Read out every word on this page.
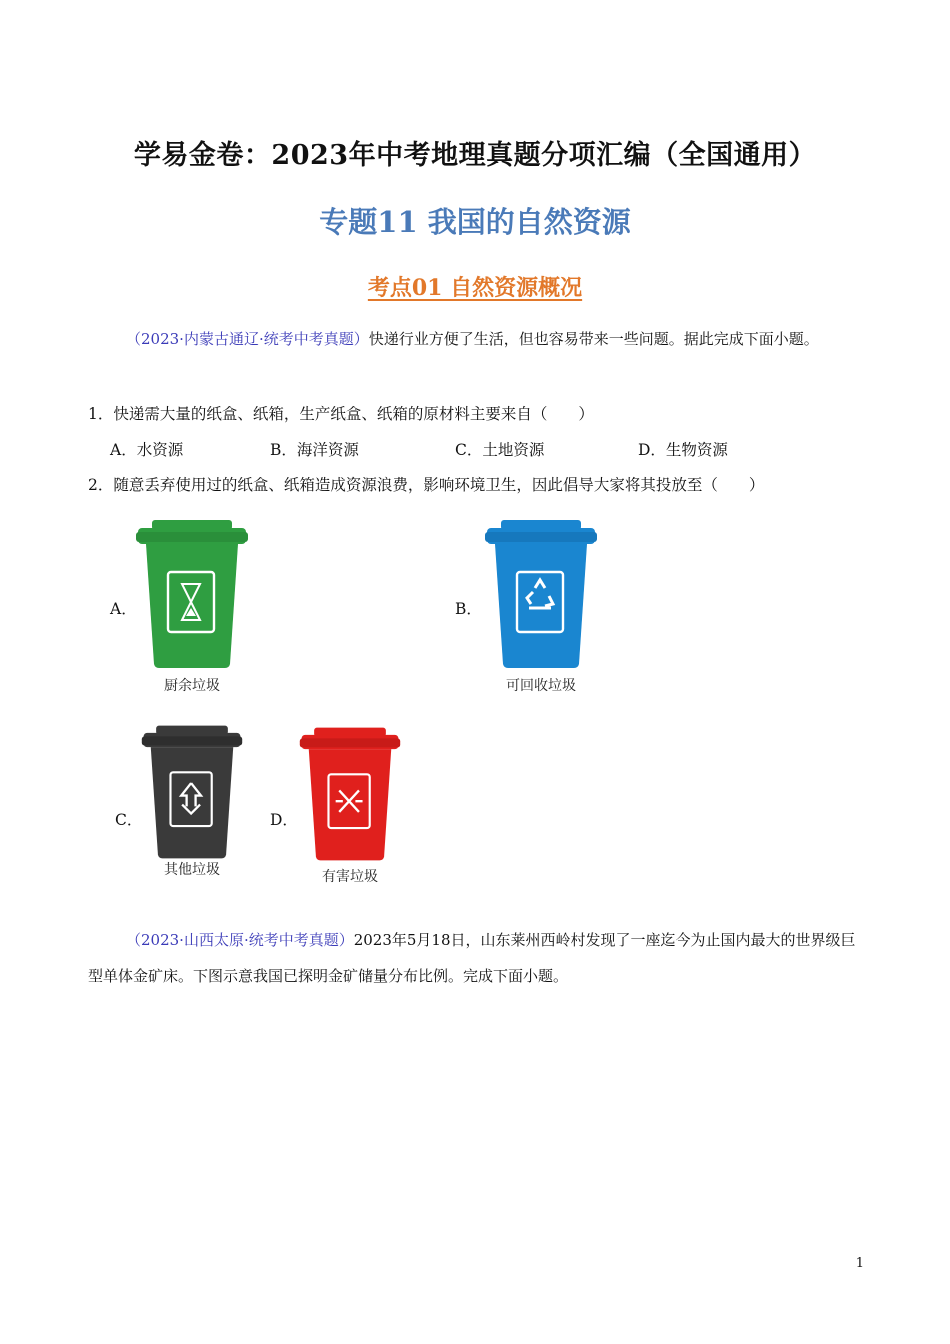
学易金卷：2023年中考地理真题分项汇编（全国通用）
专题11 我国的自然资源
考点01 自然资源概况
（2023·内蒙古通辽·统考中考真题）快递行业方便了生活，但也容易带来一些问题。据此完成下面小题。
1．快递需大量的纸盒、纸箱，生产纸盒、纸箱的原材料主要来自（　　）
A．水资源	B．海洋资源	C．土地资源	D．生物资源
2．随意丢弃使用过的纸盒、纸箱造成资源浪费，影响环境卫生，因此倡导大家将其投放至（　　）
A．
厨余垃圾
B．
可回收垃圾
C．
其他垃圾
D．
有害垃圾
（2023·山西太原·统考中考真题）2023年5月18日，山东莱州西岭村发现了一座迄今为止国内最大的世界级巨型单体金矿床。下图示意我国已探明金矿储量分布比例。完成下面小题。
1
